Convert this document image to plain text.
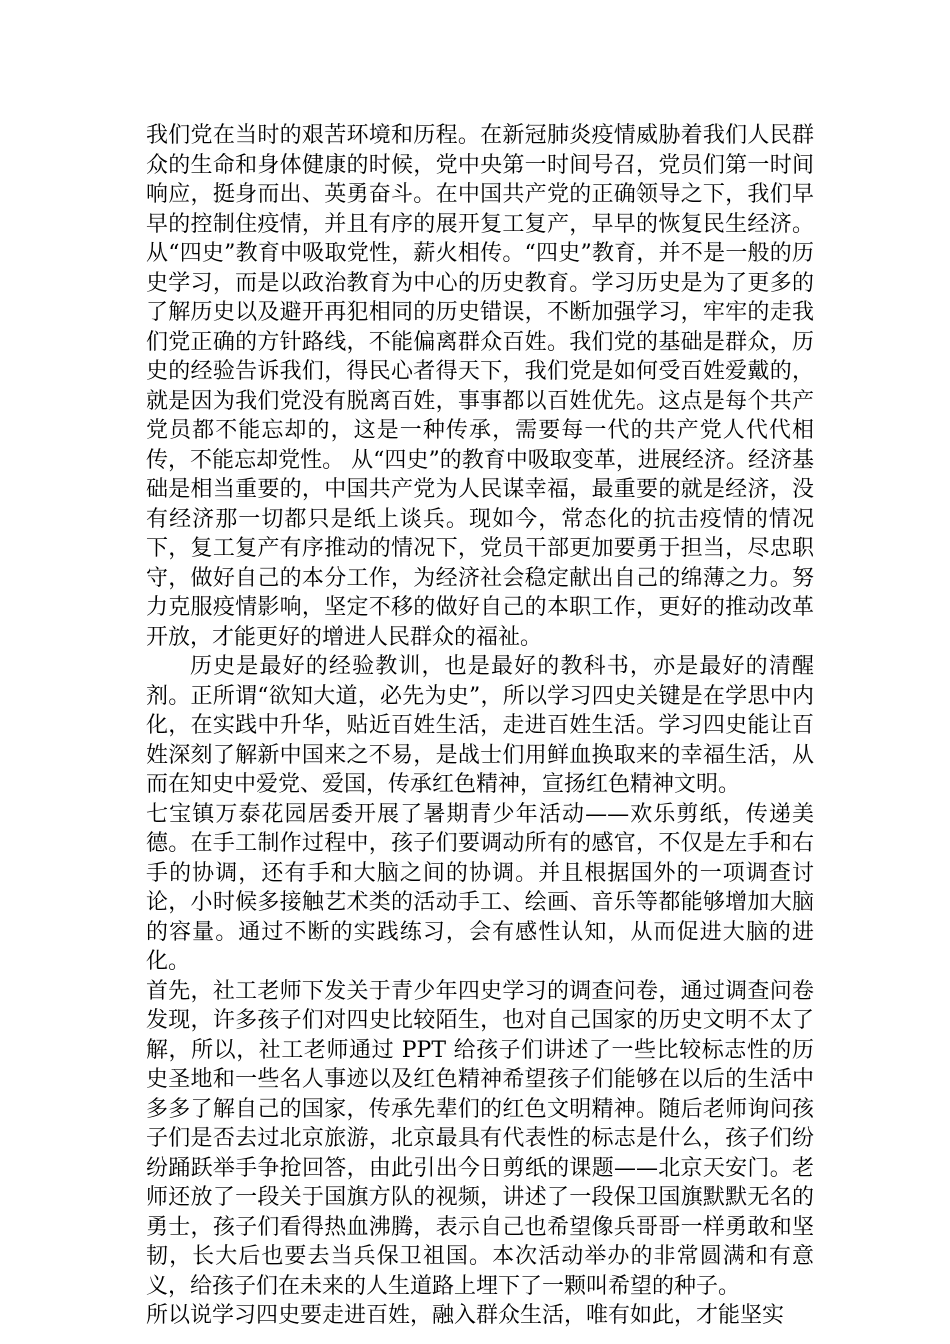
我们党在当时的艰苦环境和历程。在新冠肺炎疫情威胁着我们人民群众的生命和身体健康的时候，党中央第一时间号召，党员们第一时间响应，挺身而出、英勇奋斗。在中国共产党的正确领导之下，我们早早的控制住疫情，并且有序的展开复工复产，早早的恢复民生经济。 从“四史”教育中吸取党性，薪火相传。“四史”教育，并不是一般的历史学习，而是以政治教育为中心的历史教育。学习历史是为了更多的了解历史以及避开再犯相同的历史错误，不断加强学习，牢牢的走我们党正确的方针路线，不能偏离群众百姓。我们党的基础是群众，历史的经验告诉我们，得民心者得天下，我们党是如何受百姓爱戴的，就是因为我们党没有脱离百姓，事事都以百姓优先。这点是每个共产党员都不能忘却的，这是一种传承，需要每一代的共产党人代代相传，不能忘却党性。 从“四史”的教育中吸取变革，进展经济。经济基础是相当重要的，中国共产党为人民谋幸福，最重要的就是经济，没有经济那一切都只是纸上谈兵。现如今，常态化的抗击疫情的情况下，复工复产有序推动的情况下，党员干部更加要勇于担当，尽忠职守，做好自己的本分工作，为经济社会稳定献出自己的绵薄之力。努力克服疫情影响，坚定不移的做好自己的本职工作，更好的推动改革开放，才能更好的增进人民群众的福祉。

历史是最好的经验教训，也是最好的教科书，亦是最好的清醒剂。正所谓“欲知大道，必先为史”，所以学习四史关键是在学思中内化，在实践中升华，贴近百姓生活，走进百姓生活。学习四史能让百姓深刻了解新中国来之不易，是战士们用鲜血换取来的幸福生活，从而在知史中爱党、爱国，传承红色精神，宣扬红色精神文明。

七宝镇万泰花园居委开展了暑期青少年活动——欢乐剪纸，传递美德。在手工制作过程中，孩子们要调动所有的感官，不仅是左手和右手的协调，还有手和大脑之间的协调。并且根据国外的一项调查讨论，小时候多接触艺术类的活动手工、绘画、音乐等都能够增加大脑的容量。通过不断的实践练习，会有感性认知，从而促进大脑的进化。

首先，社工老师下发关于青少年四史学习的调查问卷，通过调查问卷发现，许多孩子们对四史比较陌生，也对自己国家的历史文明不太了解，所以，社工老师通过 PPT 给孩子们讲述了一些比较标志性的历史圣地和一些名人事迹以及红色精神希望孩子们能够在以后的生活中多多了解自己的国家，传承先辈们的红色文明精神。随后老师询问孩子们是否去过北京旅游，北京最具有代表性的标志是什么，孩子们纷纷踊跃举手争抢回答，由此引出今日剪纸的课题——北京天安门。老师还放了一段关于国旗方队的视频，讲述了一段保卫国旗默默无名的勇士，孩子们看得热血沸腾，表示自己也希望像兵哥哥一样勇敢和坚韧，长大后也要去当兵保卫祖国。本次活动举办的非常圆满和有意义，给孩子们在未来的人生道路上埋下了一颗叫希望的种子。

所以说学习四史要走进百姓，融入群众生活，唯有如此，才能坚实
